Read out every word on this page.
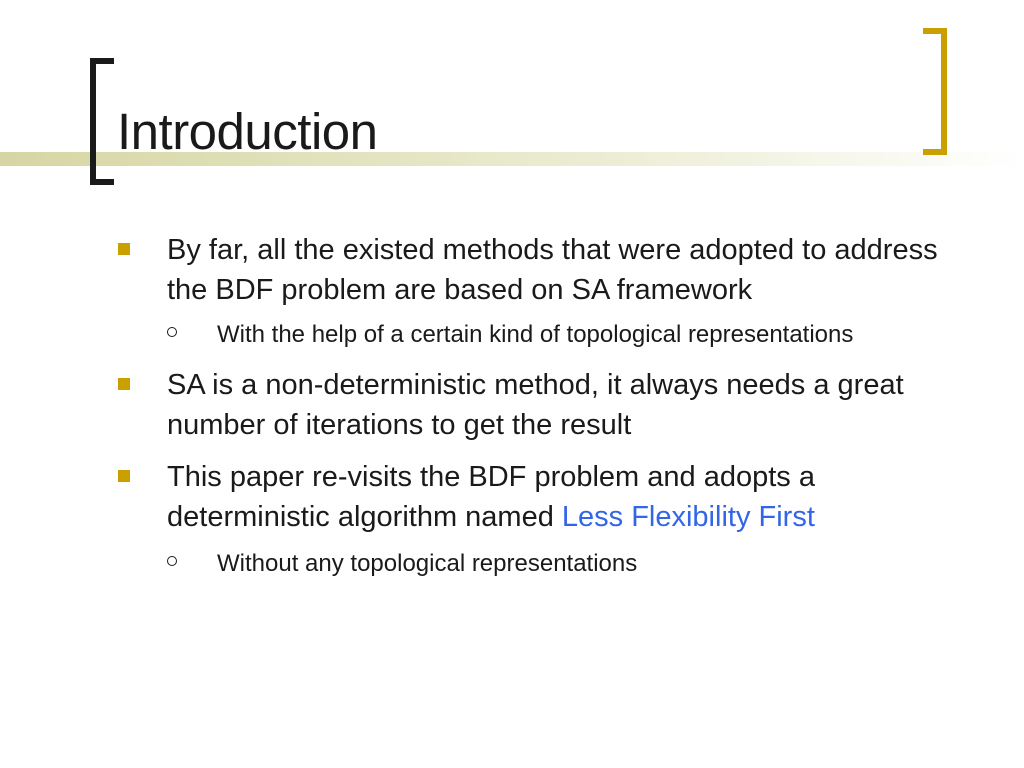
Introduction
By far, all the existed methods that were adopted to address the BDF problem are based on SA framework
With the help of a certain kind of topological representations
SA is a non-deterministic method, it always needs a great number of iterations to get the result
This paper re-visits the BDF problem and adopts a deterministic algorithm named Less Flexibility First
Without any topological representations
